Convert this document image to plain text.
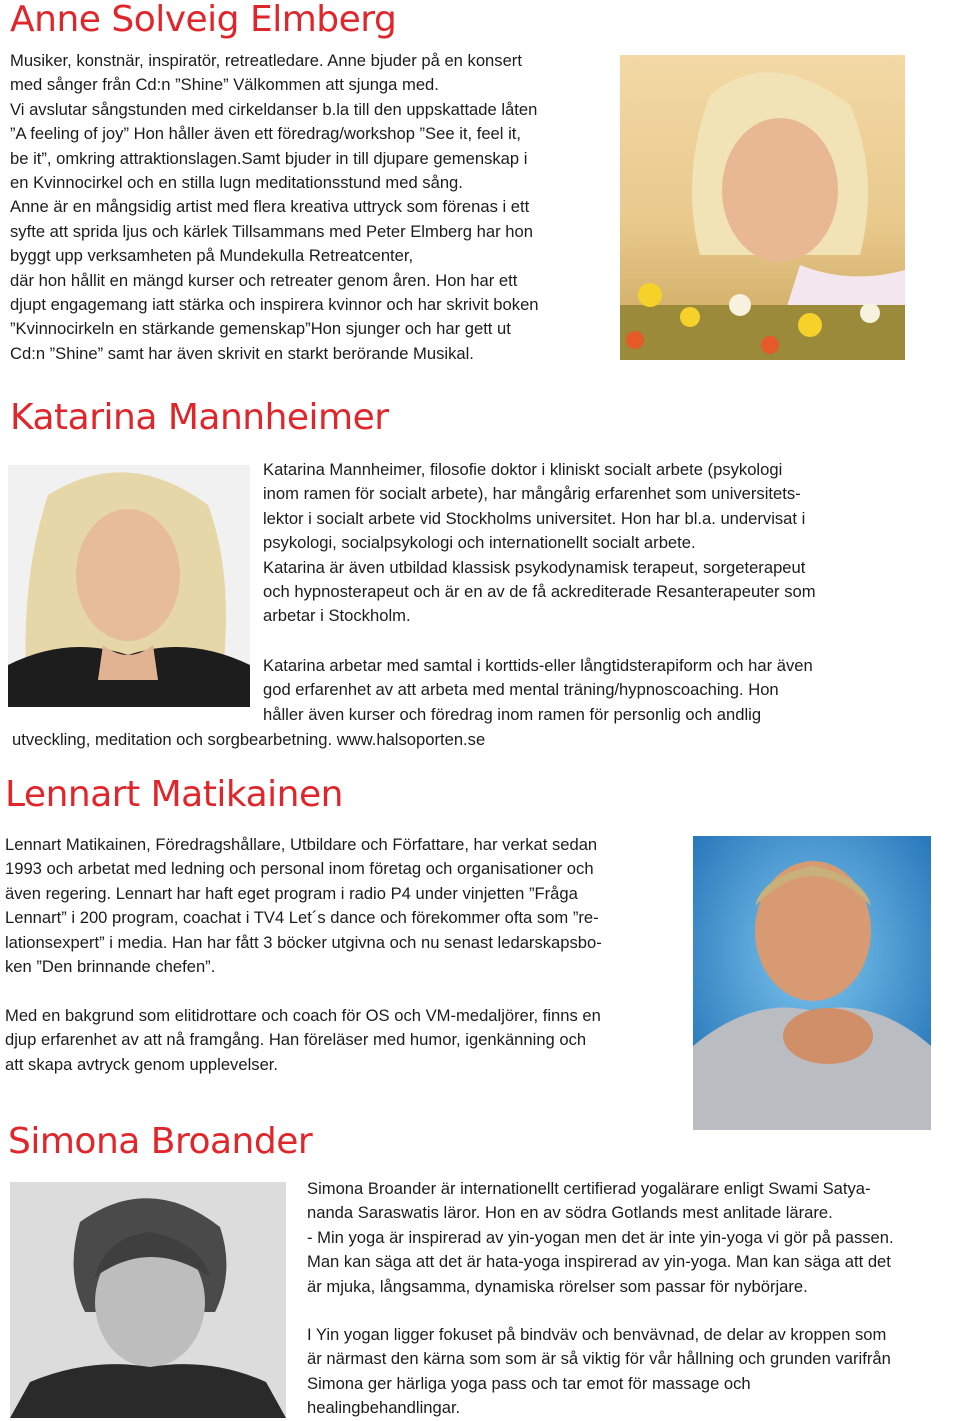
Anne Solveig Elmberg
Musiker, konstnär, inspiratör, retreatledare. Anne bjuder på en konsert
med sånger från Cd:n ”Shine” Välkommen att sjunga med.
Vi avslutar sångstunden med cirkeldanser b.la till den uppskattade låten
”A feeling of joy” Hon håller även ett föredrag/workshop ”See it, feel it,
be it”, omkring attraktionslagen.Samt bjuder in till djupare gemenskap i
en Kvinnocirkel och en stilla lugn meditationsstund med sång.
Anne är en mångsidig artist med flera kreativa uttryck som förenas i ett
syfte att sprida ljus och kärlek Tillsammans med Peter Elmberg har hon
byggt upp verksamheten på Mundekulla Retreatcenter,
där hon hållit en mängd kurser och retreater genom åren. Hon har ett
djupt engagemang iatt stärka och inspirera kvinnor och har skrivit boken
”Kvinnocirkeln en stärkande gemenskap”Hon sjunger och har gett ut
Cd:n ”Shine” samt har även skrivit en starkt berörande Musikal.
Katarina Mannheimer
Katarina Mannheimer, filosofie doktor i kliniskt socialt arbete (psykologi
inom ramen för socialt arbete), har mångårig erfarenhet som universitets-
lektor i socialt arbete vid Stockholms universitet. Hon har bl.a. undervisat i
psykologi, socialpsykologi och internationellt socialt arbete.
Katarina är även utbildad klassisk psykodynamisk terapeut, sorgeterapeut
och hypnosterapeut och är en av de få ackrediterade Resanterapeuter som
arbetar i Stockholm.
Katarina arbetar med samtal i korttids-eller långtidsterapiform och har även
god erfarenhet av att arbeta med mental träning/hypnoscoaching. Hon
håller även kurser och föredrag inom ramen för personlig och andlig
utveckling, meditation och sorgbearbetning. www.halsoporten.se
Lennart Matikainen
Lennart Matikainen, Föredragshållare, Utbildare och Författare, har verkat sedan
1993 och arbetat med ledning och personal inom företag och organisationer och
även regering. Lennart har haft eget program i radio P4 under vinjetten ”Fråga
Lennart” i 200 program, coachat i TV4 Let´s dance och förekommer ofta som ”re-
lationsexpert” i media. Han har fått 3 böcker utgivna och nu senast ledarskapsbo-
ken ”Den brinnande chefen”.
Med en bakgrund som elitidrottare och coach för OS och VM-medaljörer, finns en
djup erfarenhet av att nå framgång. Han föreläser med humor, igenkänning och
att skapa avtryck genom upplevelser.
Simona Broander
Simona Broander är internationellt certifierad yogalärare enligt Swami Satya-
nanda Saraswatis läror. Hon en av södra Gotlands mest anlitade lärare.
- Min yoga är inspirerad av yin-yogan men det är inte yin-yoga vi gör på passen.
Man kan säga att det är hata-yoga inspirerad av yin-yoga. Man kan säga att det
är mjuka, långsamma, dynamiska rörelser som passar för nybörjare.
I Yin yogan ligger fokuset på bindväv och benvävnad, de delar av kroppen som
är närmast den kärna som som är så viktig för vår hållning och grunden varifrån
Simona ger härliga yoga pass och tar emot för massage och
healingbehandlingar.
